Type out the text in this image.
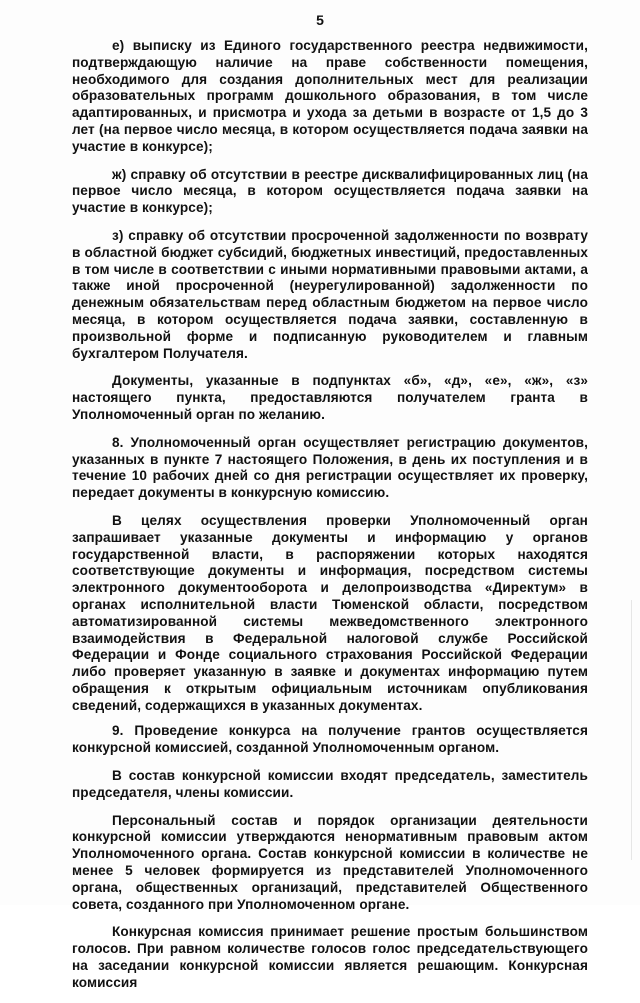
5

е) выписку из Единого государственного реестра недвижимости, подтверждающую наличие на праве собственности помещения, необходимого для создания дополнительных мест для реализации образовательных программ дошкольного образования, в том числе адаптированных, и присмотра и ухода за детьми в возрасте от 1,5 до 3 лет (на первое число месяца, в котором осуществляется подача заявки на участие в конкурсе);

ж) справку об отсутствии в реестре дисквалифицированных лиц (на первое число месяца, в котором осуществляется подача заявки на участие в конкурсе);

з) справку об отсутствии просроченной задолженности по возврату в областной бюджет субсидий, бюджетных инвестиций, предоставленных в том числе в соответствии с иными нормативными правовыми актами, а также иной просроченной (неурегулированной) задолженности по денежным обязательствам перед областным бюджетом на первое число месяца, в котором осуществляется подача заявки, составленную в произвольной форме и подписанную руководителем и главным бухгалтером Получателя.

Документы, указанные в подпунктах «б», «д», «е», «ж», «з» настоящего пункта, предоставляются получателем гранта в Уполномоченный орган по желанию.

8. Уполномоченный орган осуществляет регистрацию документов, указанных в пункте 7 настоящего Положения, в день их поступления и в течение 10 рабочих дней со дня регистрации осуществляет их проверку, передает документы в конкурсную комиссию.

В целях осуществления проверки Уполномоченный орган запрашивает указанные документы и информацию у органов государственной власти, в распоряжении которых находятся соответствующие документы и информация, посредством системы электронного документооборота и делопроизводства «Директум» в органах исполнительной власти Тюменской области, посредством автоматизированной системы межведомственного электронного взаимодействия в Федеральной налоговой службе Российской Федерации и Фонде социального страхования Российской Федерации либо проверяет указанную в заявке и документах информацию путем обращения к открытым официальным источникам опубликования сведений, содержащихся в указанных документах.

9. Проведение конкурса на получение грантов осуществляется конкурсной комиссией, созданной Уполномоченным органом.

В состав конкурсной комиссии входят председатель, заместитель председателя, члены комиссии.

Персональный состав и порядок организации деятельности конкурсной комиссии утверждаются ненормативным правовым актом Уполномоченного органа. Состав конкурсной комиссии в количестве не менее 5 человек формируется из представителей Уполномоченного органа, общественных организаций, представителей Общественного совета, созданного при Уполномоченном органе.

Конкурсная комиссия принимает решение простым большинством голосов. При равном количестве голосов голос председательствующего на заседании конкурсной комиссии является решающим. Конкурсная комиссия
